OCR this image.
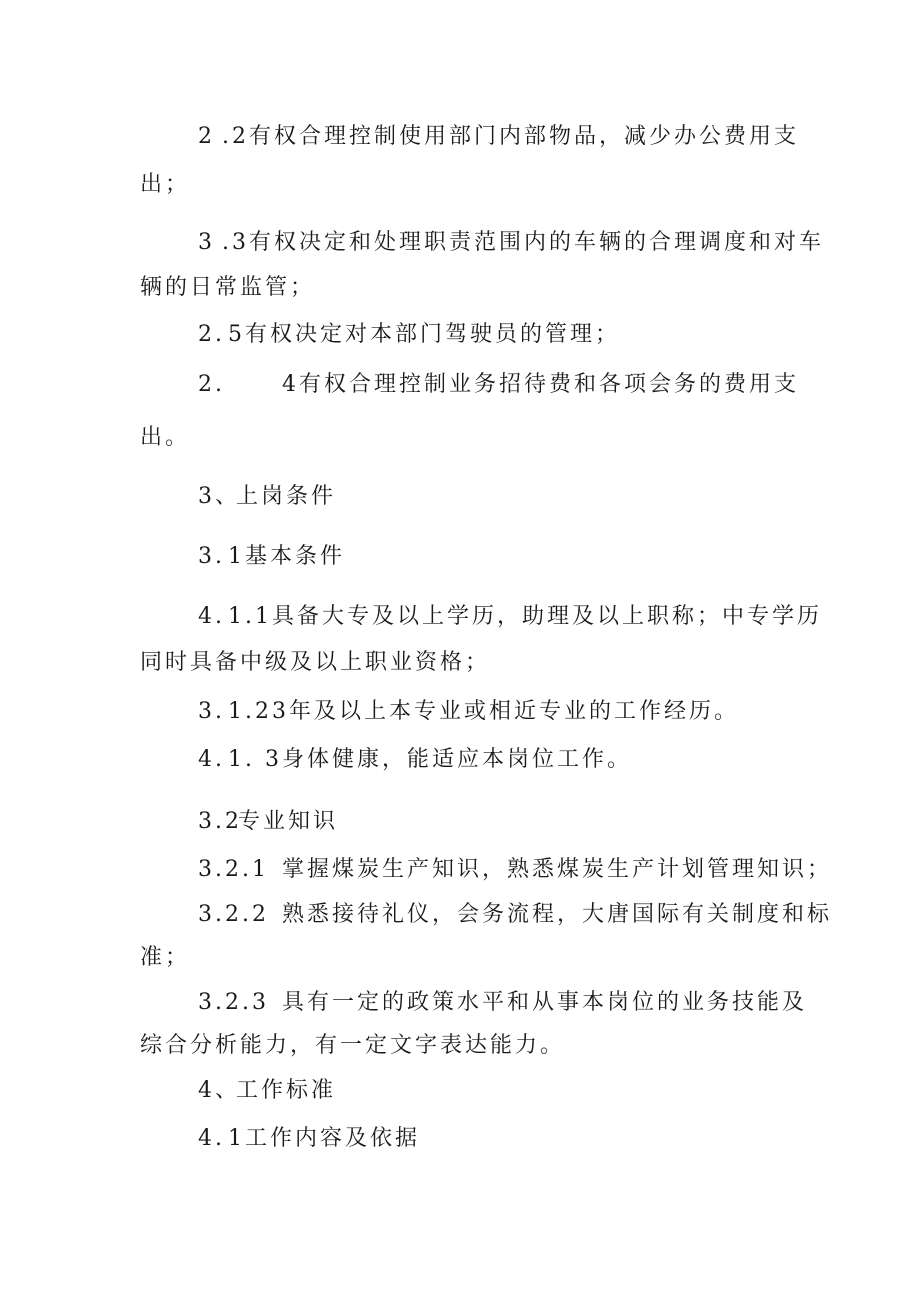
2 .2有权合理控制使用部门内部物品，减少办公费用支
出；
3 .3有权决定和处理职责范围内的车辆的合理调度和对车
辆的日常监管；
2. 5有权决定对本部门驾驶员的管理；
2.	4有权合理控制业务招待费和各项会务的费用支
出。
3、上岗条件
3. 1基本条件
4. 1.1具备大专及以上学历，助理及以上职称；中专学历
同时具备中级及以上职业资格；
3. 1.23年及以上本专业或相近专业的工作经历。
4. 1. 3身体健康，能适应本岗位工作。
3.2专业知识
3.2.1 掌握煤炭生产知识，熟悉煤炭生产计划管理知识；
3.2.2 熟悉接待礼仪，会务流程，大唐国际有关制度和标
准；
3.2.3 具有一定的政策水平和从事本岗位的业务技能及
综合分析能力，有一定文字表达能力。
4、工作标准
4. 1工作内容及依据
